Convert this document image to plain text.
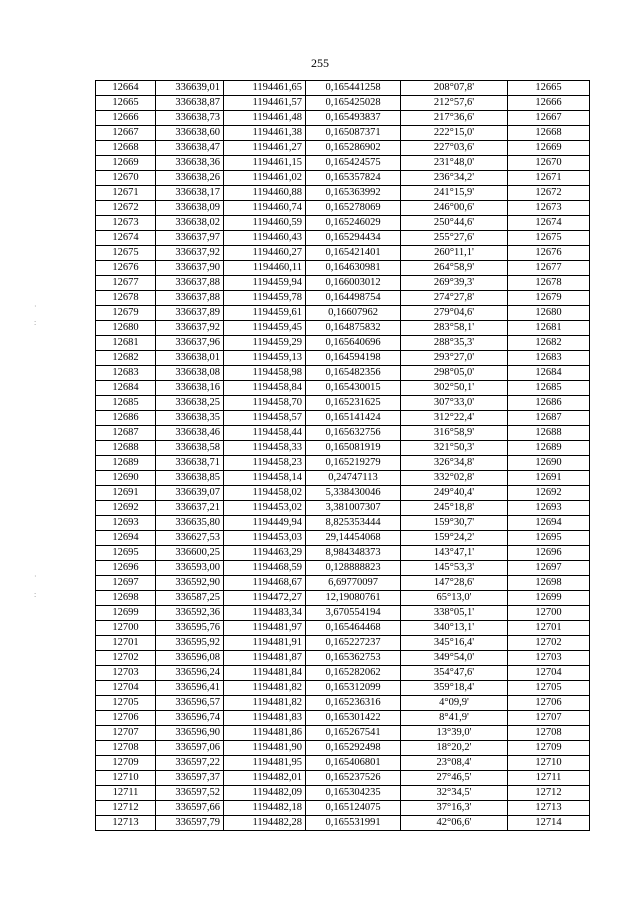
255
·
:
·
:
12664	336639,01	1194461,65	0,165441258	208°07,8'	12665
12665	336638,87	1194461,57	0,165425028	212°57,6'	12666
12666	336638,73	1194461,48	0,165493837	217°36,6'	12667
12667	336638,60	1194461,38	0,165087371	222°15,0'	12668
12668	336638,47	1194461,27	0,165286902	227°03,6'	12669
12669	336638,36	1194461,15	0,165424575	231°48,0'	12670
12670	336638,26	1194461,02	0,165357824	236°34,2'	12671
12671	336638,17	1194460,88	0,165363992	241°15,9'	12672
12672	336638,09	1194460,74	0,165278069	246°00,6'	12673
12673	336638,02	1194460,59	0,165246029	250°44,6'	12674
12674	336637,97	1194460,43	0,165294434	255°27,6'	12675
12675	336637,92	1194460,27	0,165421401	260°11,1'	12676
12676	336637,90	1194460,11	0,164630981	264°58,9'	12677
12677	336637,88	1194459,94	0,166003012	269°39,3'	12678
12678	336637,88	1194459,78	0,164498754	274°27,8'	12679
12679	336637,89	1194459,61	0,16607962	279°04,6'	12680
12680	336637,92	1194459,45	0,164875832	283°58,1'	12681
12681	336637,96	1194459,29	0,165640696	288°35,3'	12682
12682	336638,01	1194459,13	0,164594198	293°27,0'	12683
12683	336638,08	1194458,98	0,165482356	298°05,0'	12684
12684	336638,16	1194458,84	0,165430015	302°50,1'	12685
12685	336638,25	1194458,70	0,165231625	307°33,0'	12686
12686	336638,35	1194458,57	0,165141424	312°22,4'	12687
12687	336638,46	1194458,44	0,165632756	316°58,9'	12688
12688	336638,58	1194458,33	0,165081919	321°50,3'	12689
12689	336638,71	1194458,23	0,165219279	326°34,8'	12690
12690	336638,85	1194458,14	0,24747113	332°02,8'	12691
12691	336639,07	1194458,02	5,338430046	249°40,4'	12692
12692	336637,21	1194453,02	3,381007307	245°18,8'	12693
12693	336635,80	1194449,94	8,825353444	159°30,7'	12694
12694	336627,53	1194453,03	29,14454068	159°24,2'	12695
12695	336600,25	1194463,29	8,984348373	143°47,1'	12696
12696	336593,00	1194468,59	0,128888823	145°53,3'	12697
12697	336592,90	1194468,67	6,69770097	147°28,6'	12698
12698	336587,25	1194472,27	12,19080761	65°13,0'	12699
12699	336592,36	1194483,34	3,670554194	338°05,1'	12700
12700	336595,76	1194481,97	0,165464468	340°13,1'	12701
12701	336595,92	1194481,91	0,165227237	345°16,4'	12702
12702	336596,08	1194481,87	0,165362753	349°54,0'	12703
12703	336596,24	1194481,84	0,165282062	354°47,6'	12704
12704	336596,41	1194481,82	0,165312099	359°18,4'	12705
12705	336596,57	1194481,82	0,165236316	4°09,9'	12706
12706	336596,74	1194481,83	0,165301422	8°41,9'	12707
12707	336596,90	1194481,86	0,165267541	13°39,0'	12708
12708	336597,06	1194481,90	0,165292498	18°20,2'	12709
12709	336597,22	1194481,95	0,165406801	23°08,4'	12710
12710	336597,37	1194482,01	0,165237526	27°46,5'	12711
12711	336597,52	1194482,09	0,165304235	32°34,5'	12712
12712	336597,66	1194482,18	0,165124075	37°16,3'	12713
12713	336597,79	1194482,28	0,165531991	42°06,6'	12714
